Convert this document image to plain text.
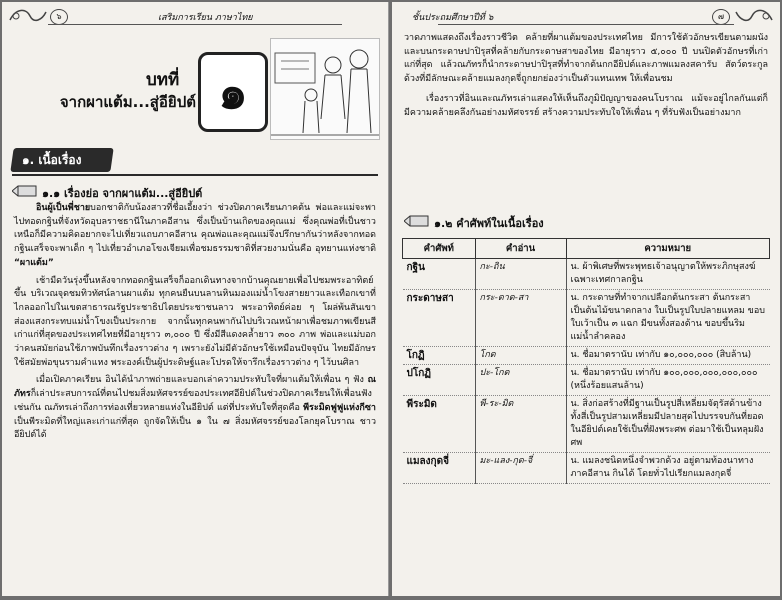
๖	เสริมการเรียน ภาษาไทย
บทที่
จากผาแต้ม...สู่อียิปต์ ๑
๑. เนื้อเรื่อง
๑.๑ เรื่องย่อ จากผาแต้ม...สู่อียิปต์

อินผู้เป็นพี่ชายบอกชาติกับน้องสาวที่ชื่อเอี้ยงว่า ช่วงปิดภาคเรียนภาคต้น พ่อและแม่จะพาไปทอดกฐินที่จังหวัดอุบลราชธานีในภาคอีสาน ซึ่งเป็นบ้านเกิดของคุณแม่ ซึ่งคุณพ่อที่เป็นชาวเหนือก็มีความคิดอยากจะไปเที่ยวแถบภาคอีสาน คุณพ่อและคุณแม่จึงปรึกษากันว่าหลังจากทอดกฐินเสร็จจะพาเด็ก ๆ ไปเที่ยวอำเภอโขงเจียมเพื่อชมธรรมชาติที่สวยงามนั่นคือ อุทยานแห่งชาติ “ผาแต้ม”

เช้ามืดวันรุ่งขึ้นหลังจากทอดกฐินเสร็จก็ออกเดินทางจากบ้านคุณยายเพื่อไปชมพระอาทิตย์ขึ้น บริเวณจุดชมทิวทัศน์ลานผาแต้ม ทุกคนยืนบนลานหินมองแม่น้ำโขงสายยาวและเทือกเขาที่ไกลออกไปในเขตสาธารณรัฐประชาธิปไตยประชาชนลาว พระอาทิตย์ค่อย ๆ โผล่พ้นสันเขา ส่องแสงกระทบแม่น้ำโขงเป็นประกาย จากนั้นทุกคนพากันไปบริเวณหน้าผาเพื่อชมภาพเขียนสีเก่าแก่ที่สุดของประเทศไทยที่มีอายุราว ๓,๐๐๐ ปี ซึ่งมีสีแดงคล้ำยาว ๓๐๐ ภาพ พ่อและแม่บอกว่าคนสมัยก่อนใช้ภาพบันทึกเรื่องราวต่าง ๆ เพราะยังไม่มีตัวอักษรใช้เหมือนปัจจุบัน ไทยมีอักษรใช้สมัยพ่อขุนรามคำแหง พระองค์เป็นผู้ประดิษฐ์และโปรดให้จารึกเรื่องราวต่าง ๆ ไว้บนศิลา

เมื่อเปิดภาคเรียน อินได้นำภาพถ่ายและบอกเล่าความประทับใจที่ผาแต้มให้เพื่อน ๆ ฟัง ณภัทรก็เล่าประสบการณ์ที่ตนไปชมสิ่งมหัศจรรย์ของประเทศอียิปต์ในช่วงปิดภาคเรียนให้เพื่อนฟังเช่นกัน ณภัทรเล่าถึงการท่องเที่ยวหลายแห่งในอียิปต์ แต่ที่ประทับใจที่สุดคือ พีระมิดฟูฟูแห่งกีซา เป็นพีระมิดที่ใหญ่และเก่าแก่ที่สุด ถูกจัดให้เป็น ๑ ใน ๗ สิ่งมหัศจรรย์ของโลกยุคโบราณ ชาวอียิปต์ได้

ชั้นประถมศึกษาปีที่ ๖	๗

วาดภาพแสดงถึงเรื่องราวชีวิต คล้ายที่ผาแต้มของประเทศไทย มีการใช้ตัวอักษรเขียนตามผนังและบนกระดาษปาปิรุสที่คล้ายกับกระดาษสาของไทย มีอายุราว ๕,๐๐๐ ปี บนปิดตัวอักษรที่เก่าแก่ที่สุด แล้วณภัทรก็นำกระดาษปาปิรุสที่ทำจากต้นกกอียิปต์และภาพแมลงสคารับ สัตว์ตระกูลด้วงที่มีลักษณะคล้ายแมลงกุดจี่ถูกยกย่องว่าเป็นตัวแทนเทพ ให้เพื่อนชม

เรื่องราวที่อินและณภัทรเล่าแสดงให้เห็นถึงภูมิปัญญาของคนโบราณ แม้จะอยู่ไกลกันแต่ก็มีความคล้ายคลึงกันอย่างมหัศจรรย์ สร้างความประทับใจให้เพื่อน ๆ ที่รับฟังเป็นอย่างมาก

๑.๒ คำศัพท์ในเนื้อเรื่อง
คำศัพท์	คำอ่าน	ความหมาย
กฐิน	กะ-ถิน	น. ผ้าพิเศษที่พระพุทธเจ้าอนุญาตให้พระภิกษุสงฆ์เฉพาะเทศกาลกฐิน
กระดาษสา	กระ-ดาด-สา	น. กระดาษที่ทำจากเปลือกต้นกระสา ต้นกระสาเป็นต้นไม้ขนาดกลาง ใบเป็นรูปใบปลายแหลม ขอบใบเว้าเป็น ๓ แฉก มีขนทั้งสองด้าน ขอบขึ้นริมแม่น้ำลำคลอง
โกฏิ	โกด	น. ชื่อมาตรานับ เท่ากับ ๑๐,๐๐๐,๐๐๐ (สิบล้าน)
ปโกฏิ	ปะ-โกด	น. ชื่อมาตรานับ เท่ากับ ๑๐๐,๐๐๐,๐๐๐,๐๐๐,๐๐๐ (หนึ่งร้อยแสนล้าน)
พีระมิด	พี-ระ-มิด	น. สิ่งก่อสร้างที่มีฐานเป็นรูปสี่เหลี่ยมจัตุรัสด้านข้างทั้งสี่เป็นรูปสามเหลี่ยมมีปลายสุดไปบรรจบกันที่ยอด ในอียิปต์เคยใช้เป็นที่ฝังพระศพ ต่อมาใช้เป็นหลุมฝังศพ
แมลงกุดจี่	มะ-แลง-กุด-จี่	น. แมลงชนิดหนึ่งจำพวกด้วง อยู่ตามท้องนาทางภาคอีสาน กินได้ โดยทั่วไปเรียกแมลงกุดจี่
